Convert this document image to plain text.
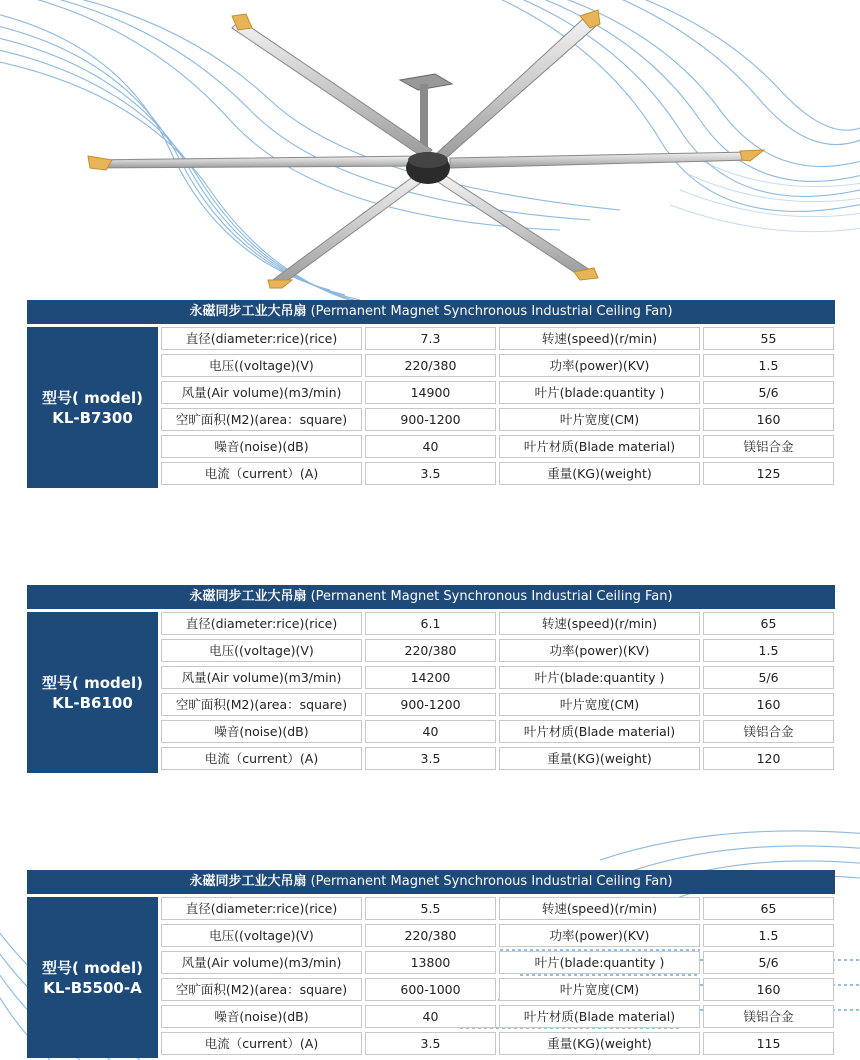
永磁同步工业大吊扇 (Permanent Magnet Synchronous Industrial Ceiling Fan)
型号( model)
KL-B7300
直径(diameter:rice)(rice)	7.3	转速(speed)(r/min)	55
电压((voltage)(V)	220/380	功率(power)(KV)	1.5
风量(Air volume)(m3/min)	14900	叶片(blade:quantity )	5/6
空旷面积(M2)(area：square)	900-1200	叶片宽度(CM)	160
噪音(noise)(dB)	40	叶片材质(Blade material)	镁铝合金
电流（current）(A)	3.5	重量(KG)(weight)	125
永磁同步工业大吊扇 (Permanent Magnet Synchronous Industrial Ceiling Fan)
型号( model)
KL-B6100
直径(diameter:rice)(rice)	6.1	转速(speed)(r/min)	65
电压((voltage)(V)	220/380	功率(power)(KV)	1.5
风量(Air volume)(m3/min)	14200	叶片(blade:quantity )	5/6
空旷面积(M2)(area：square)	900-1200	叶片宽度(CM)	160
噪音(noise)(dB)	40	叶片材质(Blade material)	镁铝合金
电流（current）(A)	3.5	重量(KG)(weight)	120
永磁同步工业大吊扇 (Permanent Magnet Synchronous Industrial Ceiling Fan)
型号( model)
KL-B5500-A
直径(diameter:rice)(rice)	5.5	转速(speed)(r/min)	65
电压((voltage)(V)	220/380	功率(power)(KV)	1.5
风量(Air volume)(m3/min)	13800	叶片(blade:quantity )	5/6
空旷面积(M2)(area：square)	600-1000	叶片宽度(CM)	160
噪音(noise)(dB)	40	叶片材质(Blade material)	镁铝合金
电流（current）(A)	3.5	重量(KG)(weight)	115
